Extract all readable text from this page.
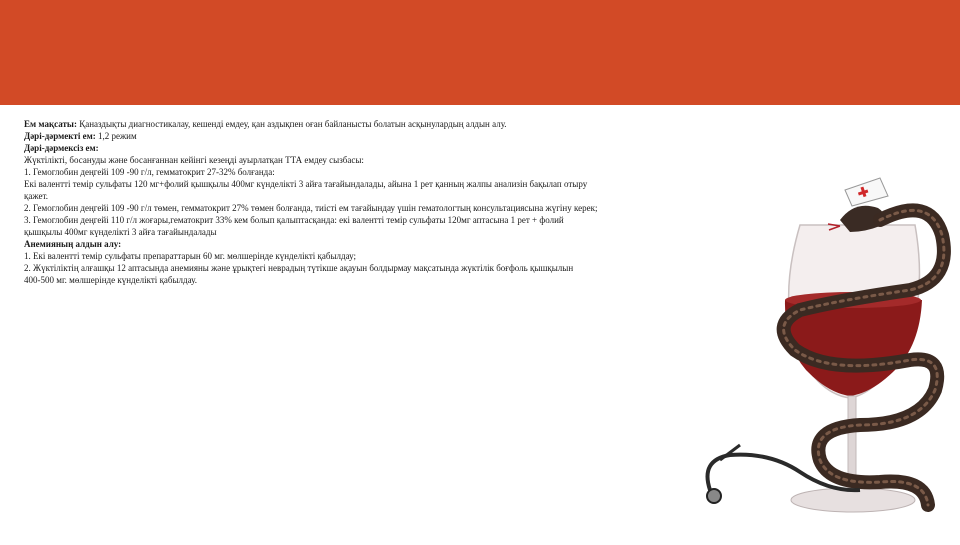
Ем мақсаты: Қаназдықты диагностикалау, кешенді емдеу, қан аздықпен оған байланысты болатын асқынулардың алдын алу.

Дәрі-дәрмекті ем: 1,2 режим

Дәрі-дәрмексіз ем:

Жүктілікті, босануды және босанғаннан кейінгі кезеңді ауырлатқан ТТА емдеу сызбасы:

1. Гемоглобин деңгейі 109 -90 г/л, гемматокрит 27-32% болғанда:

Екі валентті темір сульфаты 120 мг+фолий қышқылы 400мг күнделікті 3 айға тағайындалады, айына 1 рет қанның жалпы анализін бақылап отыру

қажет.

2. Гемоглобин деңгейі 109 -90 г/л төмен, гемматокрит 27% төмен болғанда, тиісті ем тағайындау үшін гематологтың консультациясына жүгіну керек;

3. Гемоглобин деңгейі 110 г/л жоғары,гематокрит 33% кем болып қалыптасқанда: екі валентті темір сульфаты 120мг аптасына 1 рет + фолий

қышқылы 400мг күнделікті 3 айға тағайындалады

Анемияның алдын алу:

1. Екі валентті темір сульфаты препараттарын 60 мг. мөлшерінде күнделікті қабылдау;

2. Жүктіліктің алғашқы 12 аптасында анемияны және ұрықтегі неврадың түтікше ақауын болдырмау мақсатында жүктілік боғфоль қышқылын

400-500 мг. мөлшерінде күнделікті қабылдау.
